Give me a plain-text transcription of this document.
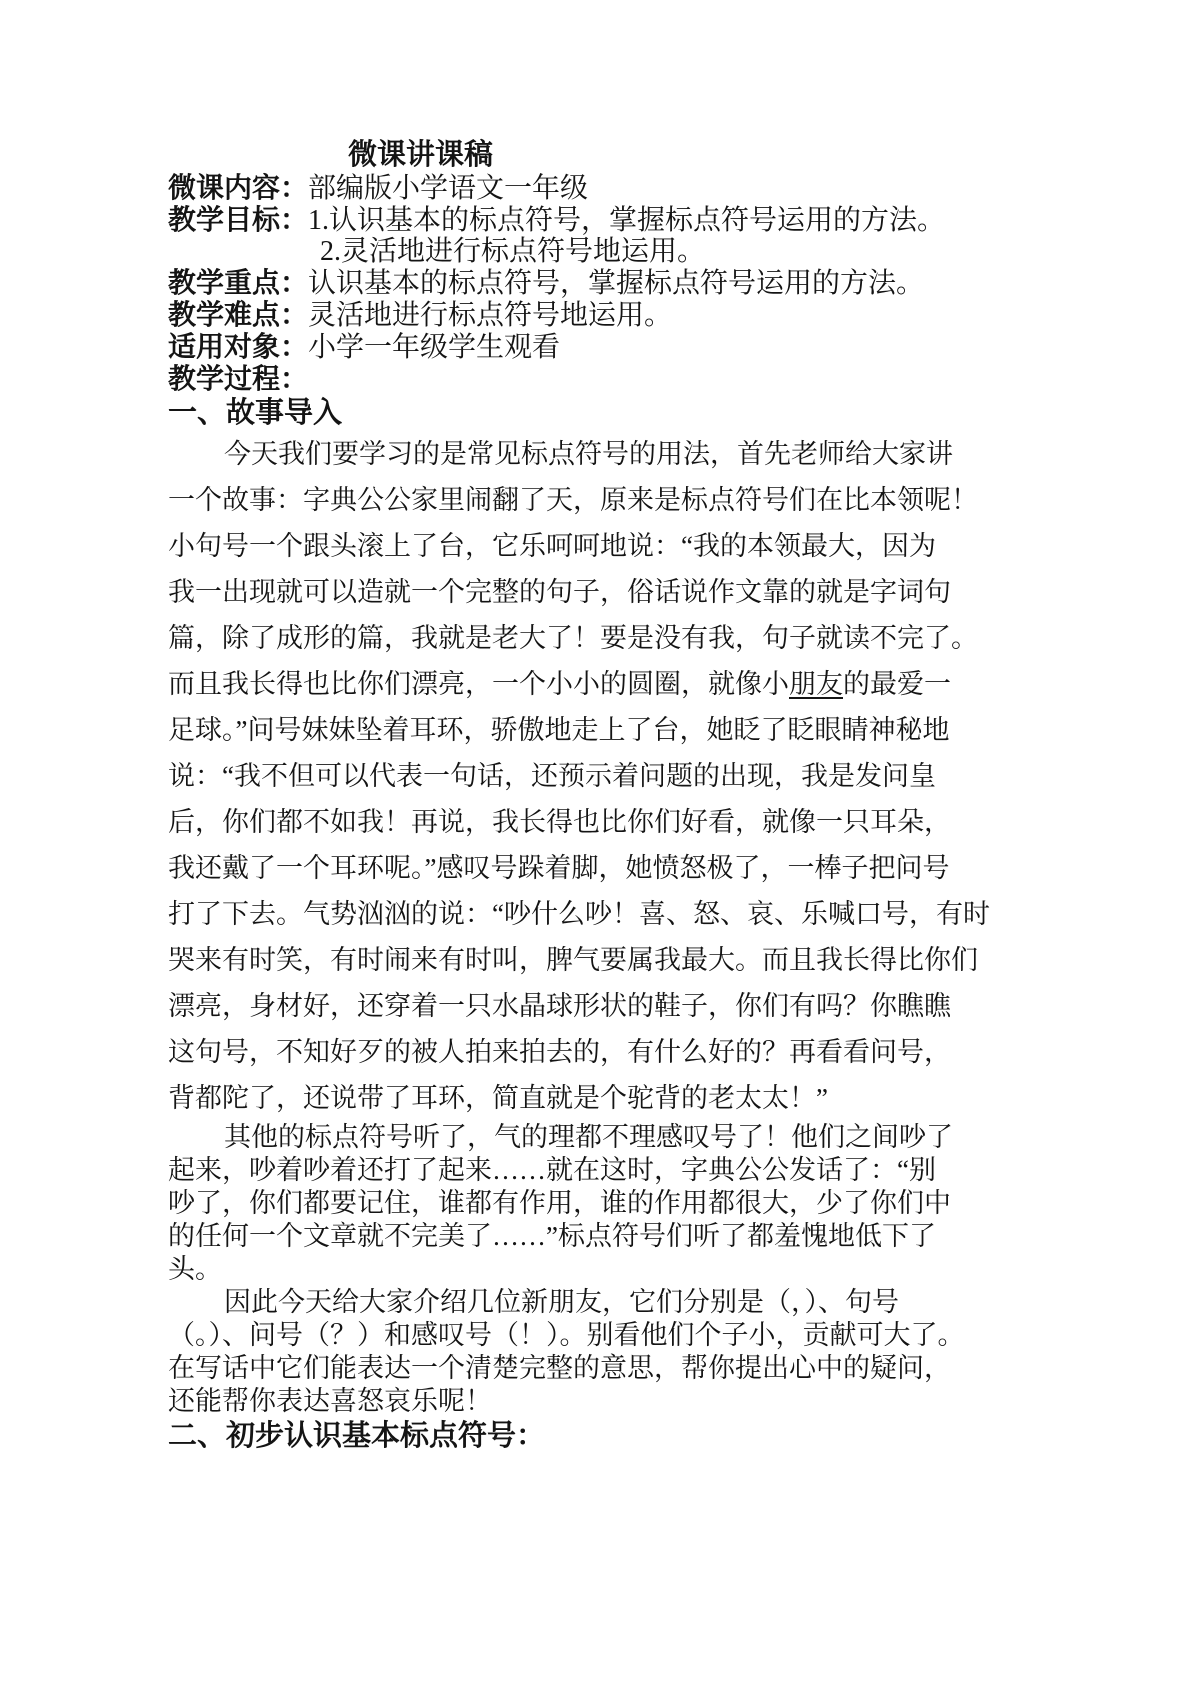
微课讲课稿
微课内容：部编版小学语文一年级
教学目标：1.认识基本的标点符号，掌握标点符号运用的方法。
2.灵活地进行标点符号地运用。
教学重点：认识基本的标点符号，掌握标点符号运用的方法。
教学难点：灵活地进行标点符号地运用。
适用对象：小学一年级学生观看
教学过程：
一、故事导入
今天我们要学习的是常见标点符号的用法，首先老师给大家讲
一个故事：字典公公家里闹翻了天，原来是标点符号们在比本领呢！
小句号一个跟头滚上了台，它乐呵呵地说：“我的本领最大，因为
我一出现就可以造就一个完整的句子，俗话说作文靠的就是字词句
篇，除了成形的篇，我就是老大了！要是没有我，句子就读不完了。
而且我长得也比你们漂亮，一个小小的圆圈，就像小朋友的最爱一
足球。”问号妹妹坠着耳环，骄傲地走上了台，她眨了眨眼睛神秘地
说：“我不但可以代表一句话，还预示着问题的出现，我是发问皇
后，你们都不如我！再说，我长得也比你们好看，就像一只耳朵，
我还戴了一个耳环呢。”感叹号跺着脚，她愤怒极了，一棒子把问号
打了下去。气势汹汹的说：“吵什么吵！喜、怒、哀、乐喊口号，有时
哭来有时笑，有时闹来有时叫，脾气要属我最大。而且我长得比你们
漂亮，身材好，还穿着一只水晶球形状的鞋子，你们有吗？你瞧瞧
这句号，不知好歹的被人拍来拍去的，有什么好的？再看看问号，
背都陀了，还说带了耳环，简直就是个驼背的老太太！”
其他的标点符号听了，气的理都不理感叹号了！他们之间吵了
起来，吵着吵着还打了起来……就在这时，字典公公发话了：“别
吵了，你们都要记住，谁都有作用，谁的作用都很大，少了你们中
的任何一个文章就不完美了……”标点符号们听了都羞愧地低下了
头。
因此今天给大家介绍几位新朋友，它们分别是（，）、句号
（。）、问号（？）和感叹号（！）。别看他们个子小，贡献可大了。
在写话中它们能表达一个清楚完整的意思，帮你提出心中的疑问，
还能帮你表达喜怒哀乐呢！
二、初步认识基本标点符号：
